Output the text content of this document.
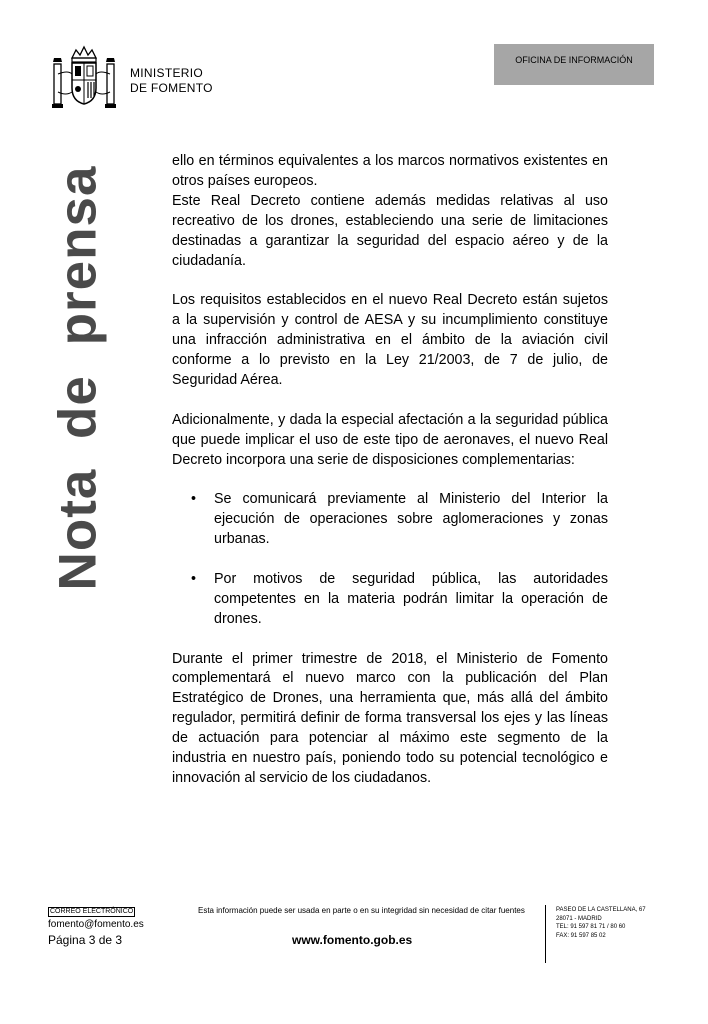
MINISTERIO
DE FOMENTO
OFICINA DE INFORMACIÓN
Nota de prensa

ello en términos equivalentes a los marcos normativos existentes en otros países europeos.

Este Real Decreto contiene además medidas relativas al uso recreativo de los drones, estableciendo una serie de limitaciones destinadas a garantizar la seguridad del espacio aéreo y de la ciudadanía.

Los requisitos establecidos en el nuevo Real Decreto están sujetos a la supervisión y control de AESA y su incumplimiento constituye una infracción administrativa en el ámbito de la aviación civil conforme a lo previsto en la Ley 21/2003, de 7 de julio, de Seguridad Aérea.

Adicionalmente, y dada la especial afectación a la seguridad pública que puede implicar el uso de este tipo de aeronaves, el nuevo Real Decreto incorpora una serie de disposiciones complementarias:

• Se comunicará previamente al Ministerio del Interior la ejecución de operaciones sobre aglomeraciones y zonas urbanas.
• Por motivos de seguridad pública, las autoridades competentes en la materia podrán limitar la operación de drones.

Durante el primer trimestre de 2018, el Ministerio de Fomento complementará el nuevo marco con la publicación del Plan Estratégico de Drones, una herramienta que, más allá del ámbito regulador, permitirá definir de forma transversal los ejes y las líneas de actuación para potenciar al máximo este segmento de la industria en nuestro país, poniendo todo su potencial tecnológico e innovación al servicio de los ciudadanos.

CORREO ELECTRÓNICO
fomento@fomento.es
Página 3 de 3
Esta información puede ser usada en parte o en su integridad sin necesidad de citar fuentes
www.fomento.gob.es
PASEO DE LA CASTELLANA, 67
28071 - MADRID
TEL: 91 597 81 71 / 80 60
FAX: 91 597 85 02
